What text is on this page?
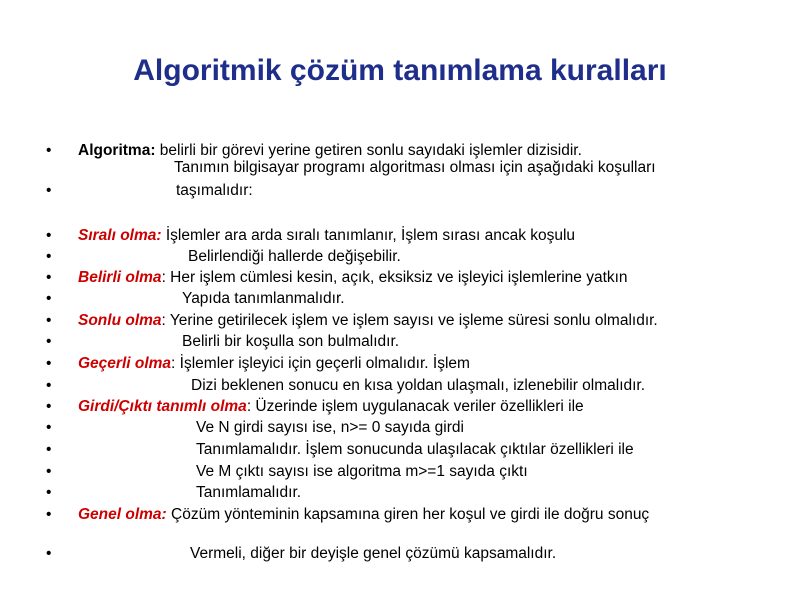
Algoritmik çözüm tanımlama kuralları
• Algoritma: belirli bir görevi yerine getiren sonlu sayıdaki işlemler dizisidir.
Tanımın bilgisayar programı algoritması olması için aşağıdaki koşulları
•	taşımalıdır:
• Sıralı olma: İşlemler ara arda sıralı tanımlanır, İşlem sırası ancak koşulu
•	Belirlendiği hallerde değişebilir.
• Belirli olma: Her işlem cümlesi kesin, açık, eksiksiz ve işleyici işlemlerine yatkın
•	Yapıda tanımlanmalıdır.
• Sonlu olma: Yerine getirilecek işlem ve işlem sayısı ve işleme süresi sonlu olmalıdır.
•	Belirli bir koşulla son bulmalıdır.
• Geçerli olma: İşlemler işleyici için geçerli olmalıdır. İşlem
•	Dizi beklenen sonucu en kısa yoldan ulaşmalı, izlenebilir olmalıdır.
• Girdi/Çıktı tanımlı olma: Üzerinde işlem uygulanacak veriler özellikleri ile
•	Ve N girdi sayısı ise, n>= 0 sayıda girdi
•	Tanımlamalıdır. İşlem sonucunda ulaşılacak çıktılar özellikleri ile
•	Ve M çıktı sayısı ise algoritma m>=1 sayıda çıktı
•	Tanımlamalıdır.
• Genel olma: Çözüm yönteminin kapsamına giren her koşul ve girdi ile doğru sonuç
•	Vermeli, diğer bir deyişle genel çözümü kapsamalıdır.
